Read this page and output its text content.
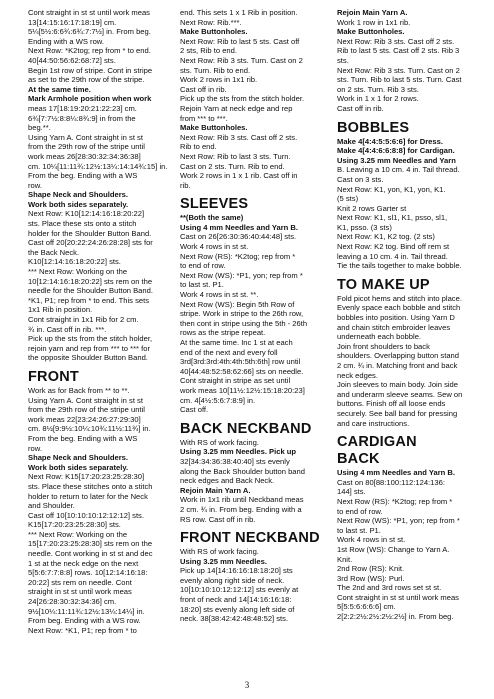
Cont straight in st st until work meas
13[14:15:16:17:18:19] cm.
5¼[5½:6:6¾:6¾:7:7½] in. From beg.
Ending with a WS row.
Next Row: *K2tog; rep from * to end.
40[44:50:56:62:68:72] sts.
Begin 1st row of stripe. Cont in stripe
as set to the 29th row of the stripe.
At the same time.
Mark Armhole position when work
meas 17[18:19:20:21:22:23] cm.
6¾[7:7½:8:8¼:8¾:9] in from the
beg.**.
Using Yarn A. Cont straight in st st
from the 29th row of the stripe until
work meas 26[28:30:32:34:36:38]
cm. 10¼[11:11¾:12½:13¼:14:14¾:15] in.
From the beg. Ending with a WS
row.
Shape Neck and Shoulders.
Work both sides separately.
Next Row: K10[12:14:16:18:20:22]
sts. Place these sts onto a stitch
holder for the Shoulder Button Band.
Cast off 20[20:22:24:26:28:28] sts for
the Back Neck.
K10[12:14:16:18:20:22] sts.
*** Next Row: Working on the
10[12:14:16:18:20:22] sts rem on the
needle for the Shoulder Button Band.
*K1, P1; rep from * to end. This sets
1x1 Rib in position.
Cont straight in 1x1 Rib for 2 cm.
¾ in. Cast off in rib. ***.
Pick up the sts from the stitch holder,
rejoin yarn and rep from *** to *** for
the opposite Shoulder Button Band.
FRONT
Work as for Back from ** to **.
Using Yarn A. Cont straight in st st
from the 29th row of the stripe until
work meas 22[23:24:26:27:29:30]
cm. 8½[9:9½:10¼:10¾:11½:11¾] in.
From the beg. Ending with a WS
row.
Shape Neck and Shoulders.
Work both sides separately.
Next Row: K15[17:20:23:25:28:30]
sts. Place these stitches onto a stitch
holder to return to later for the Neck
and Shoulder.
Cast off 10[10:10:10:12:12:12] sts.
K15[17:20:23:25:28:30] sts.
*** Next Row: Working on the
15[17:20:23:25:28:30] sts rem on the
needle. Cont working in st st and dec
1 st at the neck edge on the next
5[5:6:7:7:8:8] rows. 10[12:14:16:18:
20:22] sts rem on needle. Cont
straight in st st until work meas
24[26:28:30:32:34:36] cm.
9½[10¼:11:11¾:12½:13¼:14¼] in.
From beg. Ending with a WS row.
Next Row: *K1, P1; rep from * to
end. This sets 1 x 1 Rib in position.
Next Row: Rib.***.
Make Buttonholes.
Next Row: Rib to last 5 sts. Cast off
2 sts, Rib to end.
Next Row: Rib 3 sts. Turn. Cast on 2
sts. Turn. Rib to end.
Work 2 rows in 1x1 rib.
Cast off in rib.
Pick up the sts from the stitch holder.
Rejoin Yarn at neck edge and rep
from *** to ***.
Make Buttonholes.
Next Row: Rib 3 sts. Cast off 2 sts.
Rib to end.
Next Row: Rib to last 3 sts. Turn.
Cast on 2 sts. Turn. Rib to end.
Work 2 rows in 1 x 1 rib. Cast off in
rib.
SLEEVES
**(Both the same)
Using 4 mm Needles and Yarn B.
Cast on 26[26:30:36:40:44:48] sts.
Work 4 rows in st st.
Next Row (RS): *K2tog; rep from *
to end of row.
Next Row (WS): *P1, yon; rep from *
to last st. P1.
Work 4 rows in st st. **.
Next Row (WS): Begin 5th Row of
stripe. Work in stripe to the 26th row,
then cont in stripe using the 5th - 26th
rows as the stripe repeat.
At the same time. Inc 1 st at each
end of the next and every foll
3rd[3rd:3rd:4th:4th:5th:6th] row until
40[44:48:52:58:62:66] sts on needle.
Cont straight in stripe as set until
work meas 10[11½:12½:15:18:20:23]
cm. 4[4½:5:6:7:8:9] in.
Cast off.
BACK NECKBAND
With RS of work facing.
Using 3.25 mm Needles. Pick up
32[34:34:36:38:40:40] sts evenly
along the Back Shoulder button band
neck edges and Back Neck.
Rejoin Main Yarn A.
Work in 1x1 rib until Neckband meas
2 cm. ¾ in. From beg. Ending with a
RS row. Cast off in rib.
FRONT NECKBAND
With RS of work facing.
Using 3.25 mm Needles.
Pick up 14[14:16:16:18:18:20] sts
evenly along right side of neck.
10[10:10:10:12:12:12] sts evenly at
front of neck and 14[14:16:16:18:
18:20] sts evenly along left side of
neck. 38[38:42:42:48:48:52] sts.
Rejoin Main Yarn A.
Work 1 row in 1x1 rib.
Make Buttonholes.
Next Row: Rib 3 sts. Cast off 2 sts.
Rib to last 5 sts. Cast off 2 sts. Rib 3
sts.
Next Row: Rib 3 sts. Turn. Cast on 2
sts. Turn. Rib to last 5 sts. Turn. Cast
on 2 sts. Turn. Rib 3 sts.
Work in 1 x 1 for 2 rows.
Cast off in rib.
BOBBLES
Make 4[4:4:5:5:6:6] for Dress.
Make 4[4:4:6:6:8:8] for Cardigan.
Using 3.25 mm Needles and Yarn
B. Leaving a 10 cm. 4 in. Tail thread.
Cast on 3 sts.
Next Row: K1, yon, K1, yon, K1.
(5 sts)
Knit 2 rows Garter st
Next Row: K1, sl1, K1, psso, sl1,
K1, psso. (3 sts)
Next Row: K1, K2 tog. (2 sts)
Next Row: K2 tog. Bind off rem st
leaving a 10 cm. 4 in. Tail thread.
Tie the tails together to make bobble.
TO MAKE UP
Fold picot hems and stitch into place.
Evenly space each bobble and stitch
bobbles into position. Using Yarn D
and chain stitch embroider leaves
underneath each bobble.
Join front shoulders to back
shoulders. Overlapping button stand
2 cm. ¾ in. Matching front and back
neck edges.
Join sleeves to main body. Join side
and underarm sleeve seams. Sew on
buttons. Finish off all loose ends
securely. See ball band for pressing
and care instructions.
CARDIGAN
BACK
Using 4 mm Needles and Yarn B.
Cast on 80[88:100:112:124:136:
144] sts.
Next Row (RS): *K2tog; rep from *
to end of row.
Next Row (WS): *P1, yon; rep from *
to last st. P1.
Work 4 rows in st st.
1st Row (WS): Change to Yarn A.
Knit.
2nd Row (RS): Knit.
3rd Row (WS): Purl.
The 2nd and 3rd rows set st st.
Cont straight in st st until work meas
5[5:5:6:6:6:6] cm.
2[2:2:2½:2½:2½:2½] in. From beg.
3
